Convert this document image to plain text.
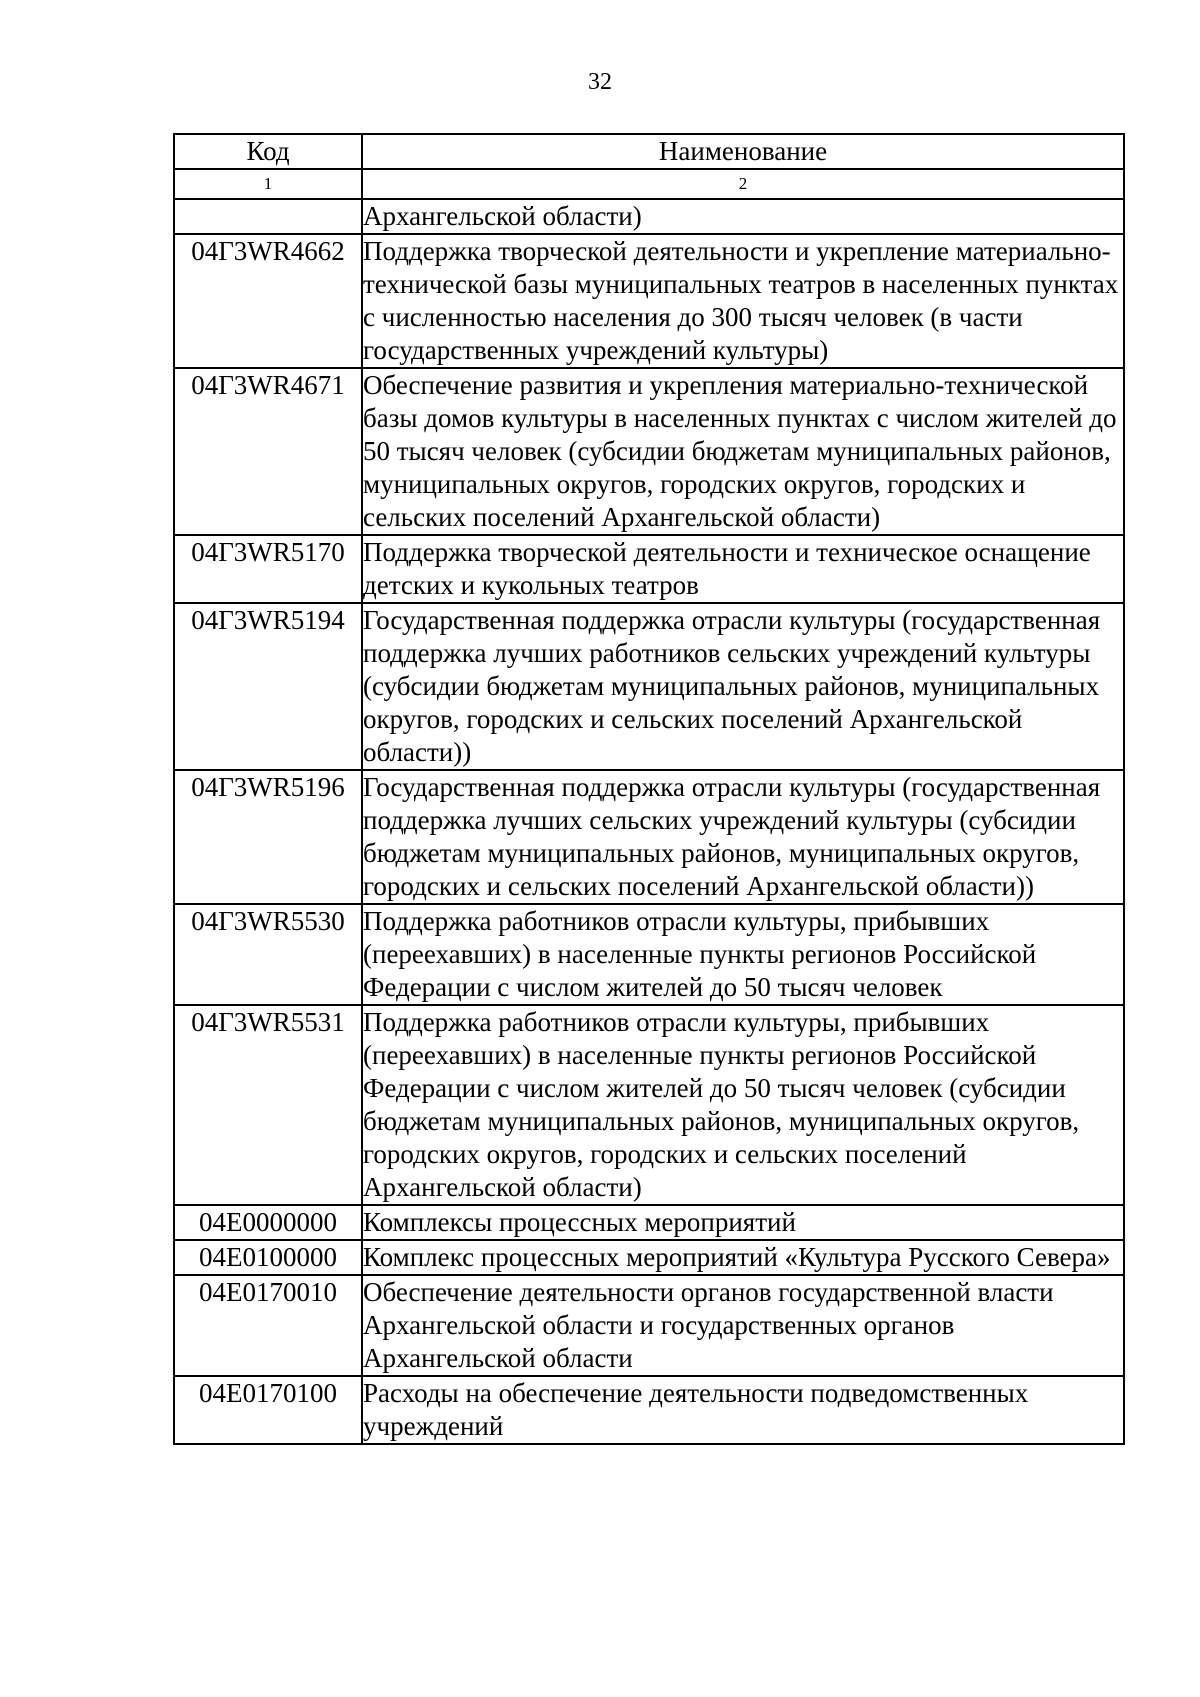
32
Код	Наименование
1	2
	Архангельской области)
04Г3WR4662	Поддержка творческой деятельности и укрепление материально-технической базы муниципальных театров в населенных пунктах с численностью населения до 300 тысяч человек (в части государственных учреждений культуры)
04Г3WR4671	Обеспечение развития и укрепления материально-технической базы домов культуры в населенных пунктах с числом жителей до 50 тысяч человек (субсидии бюджетам муниципальных районов, муниципальных округов, городских округов, городских и сельских поселений Архангельской области)
04Г3WR5170	Поддержка творческой деятельности и техническое оснащение детских и кукольных театров
04Г3WR5194	Государственная поддержка отрасли культуры (государственная поддержка лучших работников сельских учреждений культуры (субсидии бюджетам муниципальных районов, муниципальных округов, городских и сельских поселений Архангельской области))
04Г3WR5196	Государственная поддержка отрасли культуры (государственная поддержка лучших сельских учреждений культуры (субсидии бюджетам муниципальных районов, муниципальных округов, городских и сельских поселений Архангельской области))
04Г3WR5530	Поддержка работников отрасли культуры, прибывших (переехавших) в населенные пункты регионов Российской Федерации с числом жителей до 50 тысяч человек
04Г3WR5531	Поддержка работников отрасли культуры, прибывших (переехавших) в населенные пункты регионов Российской Федерации с числом жителей до 50 тысяч человек (субсидии бюджетам муниципальных районов, муниципальных округов, городских округов, городских и сельских поселений Архангельской области)
04Е0000000	Комплексы процессных мероприятий
04Е0100000	Комплекс процессных мероприятий «Культура Русского Севера»
04Е0170010	Обеспечение деятельности органов государственной власти Архангельской области и государственных органов Архангельской области
04Е0170100	Расходы на обеспечение деятельности подведомственных учреждений
